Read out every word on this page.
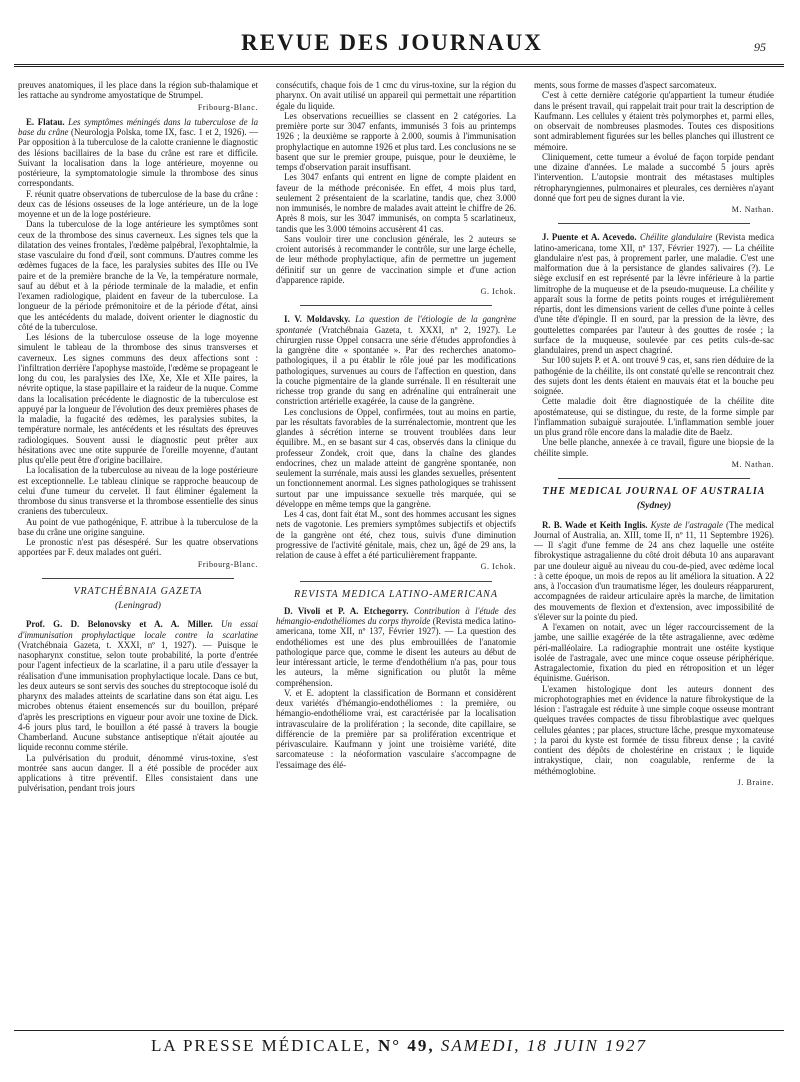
REVUE DES JOURNAUX	95

preuves anatomiques, il les place dans la région sub-thalamique et les rattache au syndrome amyostatique de Strumpel.

Fribourg-Blanc.

E. Flatau. Les symptômes méningés dans la tuberculose de la base du crâne (Neurologja Polska, tome IX, fasc. 1 et 2, 1926). — Par opposition à la tuberculose de la calotte cranienne le diagnostic des lésions bacillaires de la base du crâne est rare et difficile. Suivant la localisation dans la loge antérieure, moyenne ou postérieure, la symptomatologie simule la thrombose des sinus correspondants.

F. réunit quatre observations de tuberculose de la base du crâne : deux cas de lésions osseuses de la loge antérieure, un de la loge moyenne et un de la loge postérieure.

Dans la tuberculose de la loge antérieure les symptômes sont ceux de la thrombose des sinus caverneux. Les signes tels que la dilatation des veines frontales, l'œdème palpébral, l'exophtalmie, la stase vasculaire du fond d'œil, sont communs. D'autres comme les œdèmes fugaces de la face, les paralysies subites des IIIe ou IVe paire et de la première branche de la Ve, la température normale, sauf au début et à la période terminale de la maladie, et enfin l'examen radiologique, plaident en faveur de la tuberculose. La longueur de la période prémonitoire et de la période d'état, ainsi que les antécédents du malade, doivent orienter le diagnostic du côté de la tuberculose.

Les lésions de la tuberculose osseuse de la loge moyenne simulent le tableau de la thrombose des sinus transverses et caverneux. Les signes communs des deux affections sont : l'infiltration derrière l'apophyse mastoïde, l'œdème se propageant le long du cou, les paralysies des IXe, Xe, XIe et XIIe paires, la névrite optique, la stase papillaire et la raideur de la nuque. Comme dans la localisation précédente le diagnostic de la tuberculose est appuyé par la longueur de l'évolution des deux premières phases de la maladie, la fugacité des œdèmes, les paralysies subites, la température normale, les antécédents et les résultats des épreuves radiologiques. Souvent aussi le diagnostic peut prêter aux hésitations avec une otite suppurée de l'oreille moyenne, d'autant plus qu'elle peut être d'origine bacillaire.

La localisation de la tuberculose au niveau de la loge postérieure est exceptionnelle. Le tableau clinique se rapproche beaucoup de celui d'une tumeur du cervelet. Il faut éliminer également la thrombose du sinus transverse et la thrombose essentielle des sinus craniens des tuberculeux.

Au point de vue pathogénique, F. attribue à la tuberculose de la base du crâne une origine sanguine.

Le pronostic n'est pas désespéré. Sur les quatre observations apportées par F. deux malades ont guéri.

Fribourg-Blanc.
VRATCHÉBNAIA GAZETA
(Leningrad)

Prof. G. D. Belonovsky et A. A. Miller. Un essai d'immunisation prophylactique locale contre la scarlatine (Vratchébnaia Gazeta, t. XXXI, nº 1, 1927). — Puisque le nasopharynx constitue, selon toute probabilité, la porte d'entrée pour l'agent infectieux de la scarlatine, il a paru utile d'essayer la réalisation d'une immunisation prophylactique locale. Dans ce but, les deux auteurs se sont servis des souches du streptocoque isolé du pharynx des malades atteints de scarlatine dans son état aigu. Les microbes obtenus étaient ensemencés sur du bouillon, préparé d'après les prescriptions en vigueur pour avoir une toxine de Dick. 4-6 jours plus tard, le bouillon a été passé à travers la bougie Chamberland. Aucune substance antiseptique n'était ajoutée au liquide reconnu comme stérile.

La pulvérisation du produit, dénommé virus-toxine, s'est montrée sans aucun danger. Il a été possible de procéder aux applications à titre préventif. Elles consistaient dans une pulvérisation, pendant trois jours

consécutifs, chaque fois de 1 cmc du virus-toxine, sur la région du pharynx. On avait utilisé un appareil qui permettait une répartition égale du liquide.

Les observations recueillies se classent en 2 catégories. La première porte sur 3047 enfants, immunisés 3 fois au printemps 1926 ; la deuxième se rapporte à 2.000, soumis à l'immunisation prophylactique en automne 1926 et plus tard. Les conclusions ne se basent que sur le premier groupe, puisque, pour le deuxième, le temps d'observation parait insuffisant.

Les 3047 enfants qui entrent en ligne de compte plaident en faveur de la méthode préconisée. En effet, 4 mois plus tard, seulement 2 présentaient de la scarlatine, tandis que, chez 3.000 non immunisés, le nombre de malades avait atteint le chiffre de 26. Après 8 mois, sur les 3047 immunisés, on compta 5 scarlatineux, tandis que les 3.000 témoins accusèrent 41 cas.

Sans vouloir tirer une conclusion générale, les 2 auteurs se croient autorisés à recommander le contrôle, sur une large échelle, de leur méthode prophylactique, afin de permettre un jugement définitif sur un genre de vaccination simple et d'une action d'apparence rapide.

G. Ichok.

I. V. Moldavsky. La question de l'étiologie de la gangrène spontanée (Vratchébnaia Gazeta, t. XXXI, nº 2, 1927). Le chirurgien russe Oppel consacra une série d'études approfondies à la gangrène dite « spontanée ». Par des recherches anatomo-pathologiques, il a pu établir le rôle joué par les modifications pathologiques, survenues au cours de l'affection en question, dans la couche pigmentaire de la glande surrénale. Il en résulterait une richesse trop grande du sang en adrénaline qui entraînerait une constriction artérielle exagérée, la cause de la gangrène.

Les conclusions de Oppel, confirmées, tout au moins en partie, par les résultats favorables de la surrénalectomie, montrent que les glandes à sécrétion interne se trouvent troublées dans leur équilibre. M., en se basant sur 4 cas, observés dans la clinique du professeur Zondek, croit que, dans la chaîne des glandes endocrines, chez un malade atteint de gangrène spontanée, non seulement la surrénale, mais aussi les glandes sexuelles, présentent un fonctionnement anormal. Les signes pathologiques se trahissent surtout par une impuissance sexuelle très marquée, qui se développe en même temps que la gangrène.

Les 4 cas, dont fait état M., sont des hommes accusant les signes nets de vagotonie. Les premiers symptômes subjectifs et objectifs de la gangrène ont été, chez tous, suivis d'une diminution progressive de l'activité génitale, mais, chez un, âgé de 29 ans, la relation de cause à effet a été particulièrement frappante.

G. Ichok.
REVISTA MEDICA LATINO-AMERICANA

D. Vivoli et P. A. Etchegorry. Contribution à l'étude des hémangio-endothéliomes du corps thyroïde (Revista medica latino-americana, tome XII, nº 137, Février 1927). — La question des endothéliomes est une des plus embrouillées de l'anatomie pathologique parce que, comme le disent les auteurs au début de leur intéressant article, le terme d'endothélium n'a pas, pour tous les auteurs, la même signification ou plutôt la même compréhension.

V. et E. adoptent la classification de Bormann et considèrent deux variétés d'hémangio-endothéliomes : la première, ou hémangio-endothéliome vrai, est caractérisée par la localisation intravasculaire de la prolifération ; la seconde, dite capillaire, se différencie de la première par sa prolifération excentrique et périvasculaire. Kaufmann y joint une troisième variété, dite sarcomateuse : la néoformation vasculaire s'accompagne de l'essaimage des élé-

ments, sous forme de masses d'aspect sarcomateux.

C'est à cette dernière catégorie qu'appartient la tumeur étudiée dans le présent travail, qui rappelait trait pour trait la description de Kaufmann. Les cellules y étaient très polymorphes et, parmi elles, on observait de nombreuses plasmodes. Toutes ces dispositions sont admirablement figurées sur les belles planches qui illustrent ce mémoire.

Cliniquement, cette tumeur a évolué de façon torpide pendant une dizaine d'années. Le malade a succombé 5 jours après l'intervention. L'autopsie montrait des métastases multiples rétropharyngiennes, pulmonaires et pleurales, ces dernières n'ayant donné que fort peu de signes durant la vie.

M. Nathan.

J. Puente et A. Acevedo. Chéilite glandulaire (Revista medica latino-americana, tome XII, nº 137, Février 1927). — La chéilite glandulaire n'est pas, à proprement parler, une maladie. C'est une malformation due à la persistance de glandes salivaires (?). Le siège exclusif en est représenté par la lèvre inférieure à la partie limitrophe de la muqueuse et de la pseudo-muqueuse. La chéilite y apparaît sous la forme de petits points rouges et irrégulièrement répartis, dont les dimensions varient de celles d'une pointe à celles d'une tête d'épingle. Il en sourd, par la pression de la lèvre, des gouttelettes comparées par l'auteur à des gouttes de rosée ; la surface de la muqueuse, soulevée par ces petits culs-de-sac glandulaires, prend un aspect chagriné.

Sur 100 sujets P. et A. ont trouvé 9 cas, et, sans rien déduire de la pathogénie de la chéilite, ils ont constaté qu'elle se rencontrait chez des sujets dont les dents étaient en mauvais état et la bouche peu soignée.

Cette maladie doit être diagnostiquée de la chéilite dite apostémateuse, qui se distingue, du reste, de la forme simple par l'inflammation subaiguë surajoutée. L'inflammation semble jouer un plus grand rôle encore dans la maladie dite de Baelz.

Une belle planche, annexée à ce travail, figure une biopsie de la chéilite simple.

M. Nathan.
THE MEDICAL JOURNAL OF AUSTRALIA
(Sydney)

R. B. Wade et Keith Inglis. Kyste de l'astragale (The medical Journal of Australia, an. XIII, tome II, nº 11, 11 Septembre 1926). — Il s'agit d'une femme de 24 ans chez laquelle une ostéite fibrokystique astragalienne du côté droit débuta 10 ans auparavant par une douleur aiguë au niveau du cou-de-pied, avec œdème local : à cette époque, un mois de repos au lit améliora la situation. A 22 ans, à l'occasion d'un traumatisme léger, les douleurs réapparurent, accompagnées de raideur articulaire après la marche, de limitation des mouvements de flexion et d'extension, avec impossibilité de s'élever sur la pointe du pied.

A l'examen on notait, avec un léger raccourcissement de la jambe, une saillie exagérée de la tête astragalienne, avec œdème péri-malléolaire. La radiographie montrait une ostéite kystique isolée de l'astragale, avec une mince coque osseuse périphérique. Astragalectomie, fixation du pied en rétroposition et un léger équinisme. Guérison.

L'examen histologique dont les auteurs donnent des microphotographies met en évidence la nature fibrokystique de la lésion : l'astragale est réduite à une simple coque osseuse montrant quelques travées compactes de tissu fibroblastique avec quelques cellules géantes ; par places, structure lâche, presque myxomateuse ; la paroi du kyste est formée de tissu fibreux dense ; la cavité contient des dépôts de cholestérine en cristaux ; le liquide intrakystique, clair, non coagulable, renferme de la méthémoglobine.

J. Braine.
LA PRESSE MÉDICALE, N° 49, SAMEDI, 18 JUIN 1927
